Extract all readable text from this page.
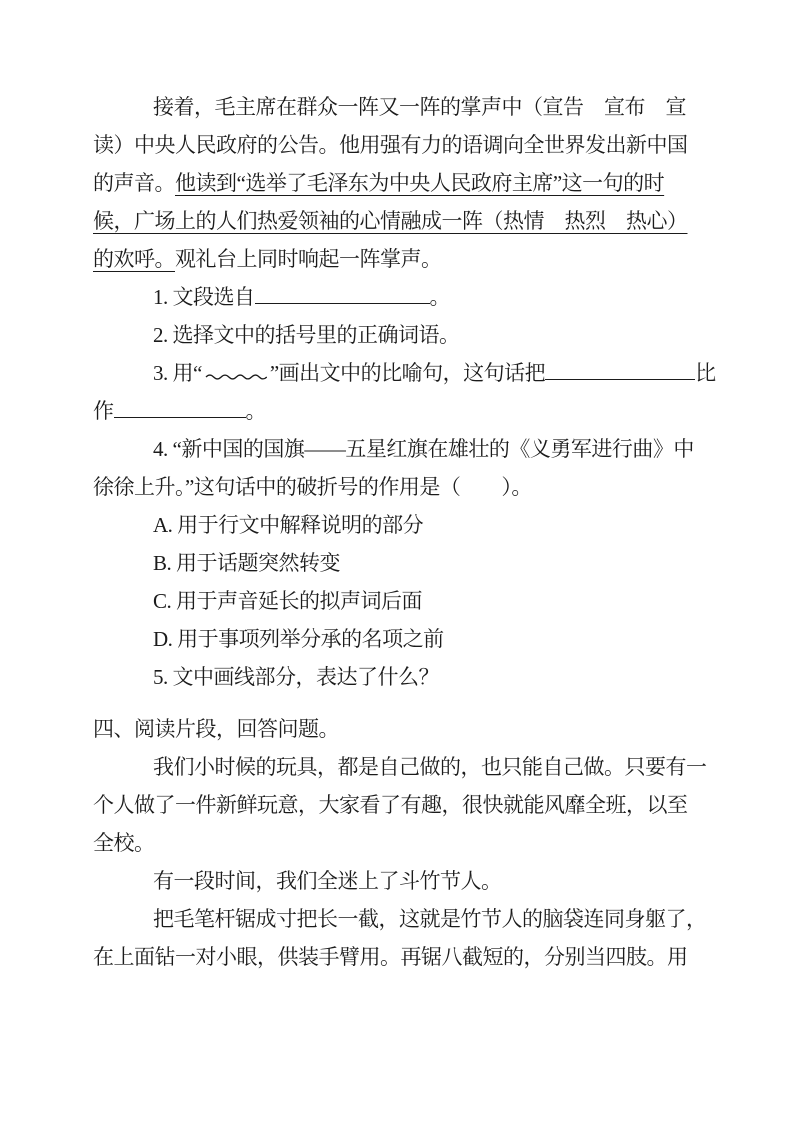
接着，毛主席在群众一阵又一阵的掌声中（宣告　宣布　宣
读）中央人民政府的公告。他用强有力的语调向全世界发出新中国
的声音。他读到“选举了毛泽东为中央人民政府主席”这一句的时
候，广场上的人们热爱领袖的心情融成一阵（热情　热烈　热心）
的欢呼。观礼台上同时响起一阵掌声。
1. 文段选自	。
2. 选择文中的括号里的正确词语。
3. 用“	”画出文中的比喻句，这句话把	比
作	。
4. “新中国的国旗——五星红旗在雄壮的《义勇军进行曲》中
徐徐上升。”这句话中的破折号的作用是（　　）。
A. 用于行文中解释说明的部分
B. 用于话题突然转变
C. 用于声音延长的拟声词后面
D. 用于事项列举分承的名项之前
5. 文中画线部分，表达了什么？
四、阅读片段，回答问题。
我们小时候的玩具，都是自己做的，也只能自己做。只要有一
个人做了一件新鲜玩意，大家看了有趣，很快就能风靡全班，以至
全校。
有一段时间，我们全迷上了斗竹节人。
把毛笔杆锯成寸把长一截，这就是竹节人的脑袋连同身躯了，
在上面钻一对小眼，供装手臂用。再锯八截短的，分别当四肢。用
